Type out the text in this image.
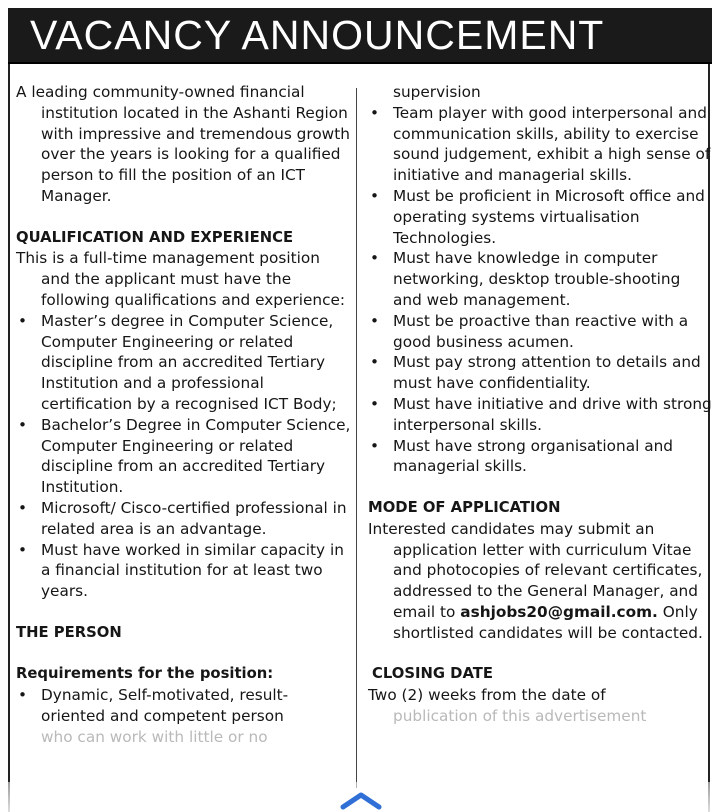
VACANCY ANNOUNCEMENT

A leading community-owned financial institution located in the Ashanti Region with impressive and tremendous growth over the years is looking for a qualified person to fill the position of an ICT Manager.

QUALIFICATION AND EXPERIENCE

This is a full-time management position and the applicant must have the following qualifications and experience:

• Master’s degree in Computer Science, Computer Engineering or related discipline from an accredited Tertiary Institution and a professional certification by a recognised ICT Body;
• Bachelor’s Degree in Computer Science, Computer Engineering or related discipline from an accredited Tertiary Institution.
• Microsoft/ Cisco-certified professional in related area is an advantage.
• Must have worked in similar capacity in a financial institution for at least two years.

THE PERSON

Requirements for the position:

• Dynamic, Self-motivated, result-oriented and competent person
who can work with little or no

supervision

• Team player with good interpersonal and communication skills, ability to exercise sound judgement, exhibit a high sense of initiative and managerial skills.
• Must be proficient in Microsoft office and operating systems virtualisation Technologies.
• Must have knowledge in computer networking, desktop trouble-shooting and web management.
• Must be proactive than reactive with a good business acumen.
• Must pay strong attention to details and must have confidentiality.
• Must have initiative and drive with strong interpersonal skills.
• Must have strong organisational and managerial skills.

MODE OF APPLICATION

Interested candidates may submit an application letter with curriculum Vitae and photocopies of relevant certificates, addressed to the General Manager, and email to ashjobs20@gmail.com. Only shortlisted candidates will be contacted.

CLOSING DATE

Two (2) weeks from the date of
publication of this advertisement
